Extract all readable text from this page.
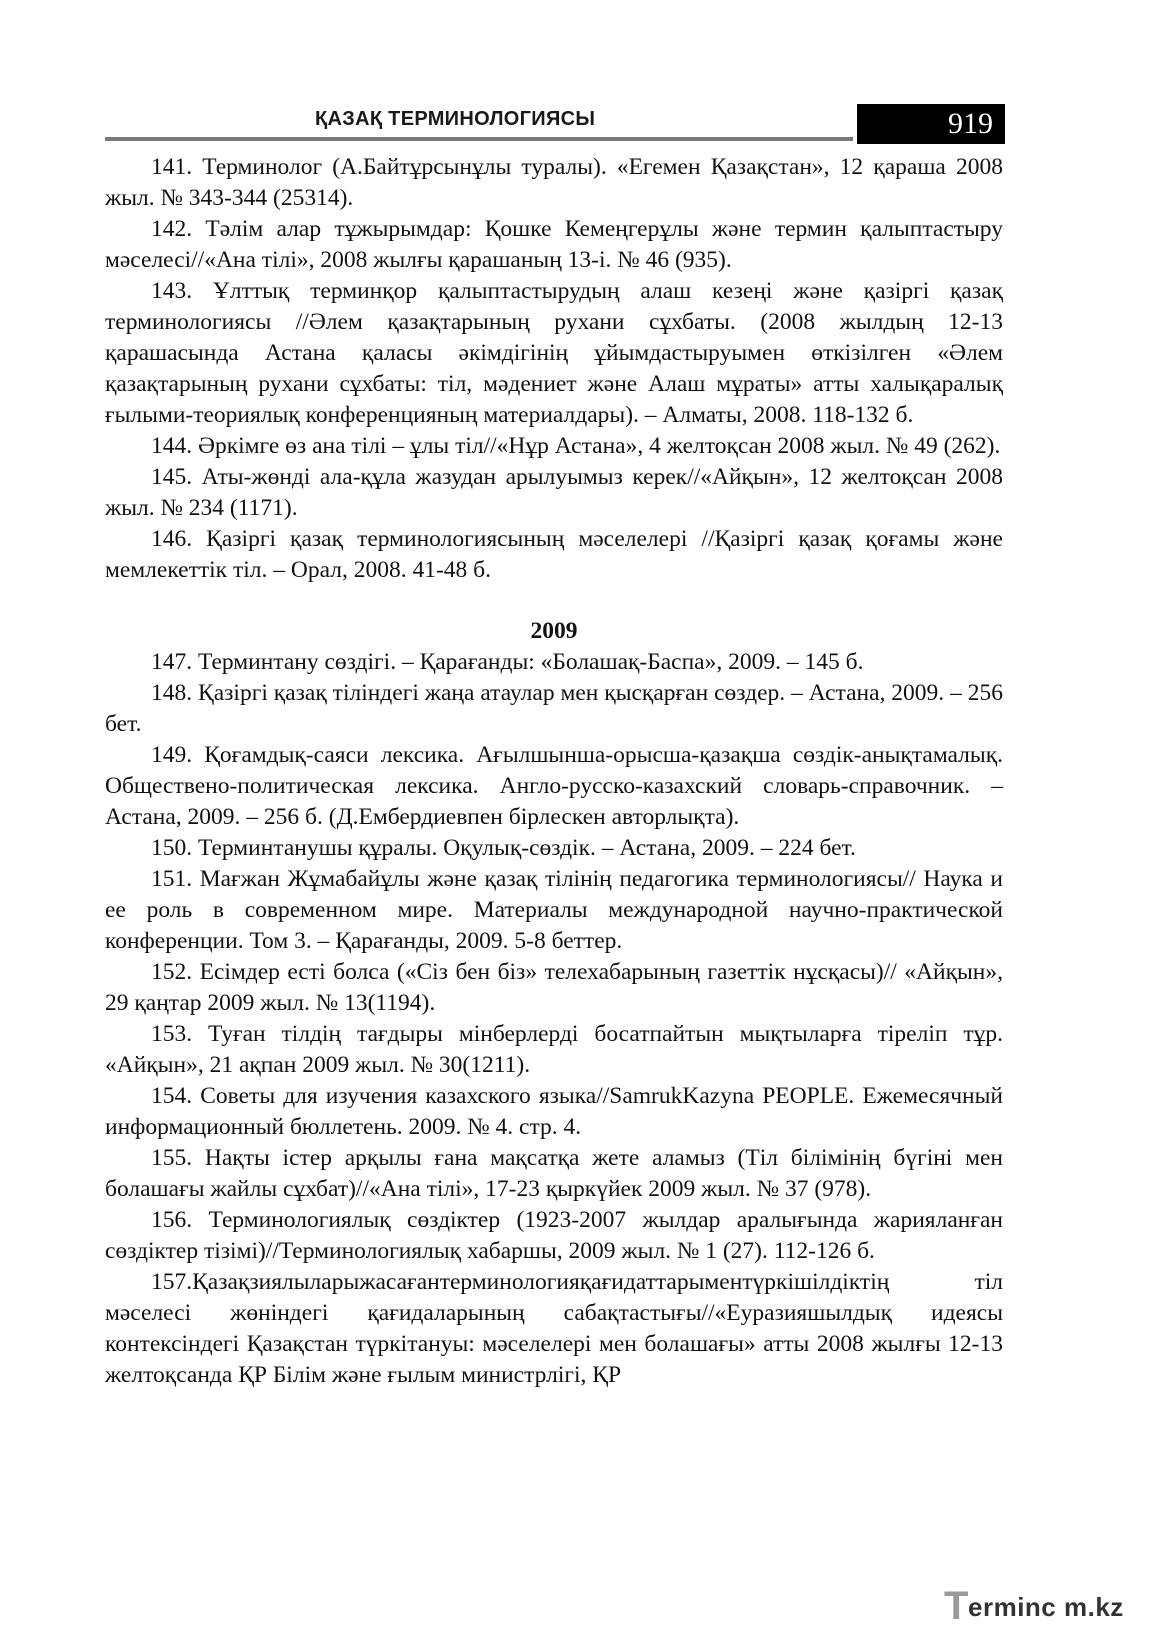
ҚАЗАҚ ТЕРМИНОЛОГИЯСЫ	919

141. Терминолог (А.Байтұрсынұлы туралы). «Егемен Қазақстан», 12 қараша 2008 жыл. № 343-344 (25314).

142. Тәлім алар тұжырымдар: Қошке Кемеңгерұлы және термин қалыптастыру мәселесі//«Ана тілі», 2008 жылғы қарашаның 13-і. № 46 (935).

143. Ұлттық терминқор қалыптастырудың алаш кезеңі және қазіргі қазақ терминологиясы //Әлем қазақтарының рухани сұхбаты. (2008 жылдың 12-13 қарашасында Астана қаласы әкімдігінің ұйымдастыруымен өткізілген «Әлем қазақтарының рухани сұхбаты: тіл, мәдениет және Алаш мұраты» атты халықаралық ғылыми-теориялық конференцияның материалдары). – Алматы, 2008. 118-132 б.

144. Әркімге өз ана тілі – ұлы тіл//«Нұр Астана», 4 желтоқсан 2008 жыл. № 49 (262).

145. Аты-жөнді ала-құла жазудан арылуымыз керек//«Айқын», 12 желтоқсан 2008 жыл. № 234 (1171).

146. Қазіргі қазақ терминологиясының мәселелері //Қазіргі қазақ қоғамы және мемлекеттік тіл. – Орал, 2008. 41-48 б.

2009

147. Терминтану сөздігі. – Қарағанды: «Болашақ-Баспа», 2009. – 145 б.

148. Қазіргі қазақ тіліндегі жаңа атаулар мен қысқарған сөздер. – Астана, 2009. – 256 бет.

149. Қоғамдық-саяси лексика. Ағылшынша-орысша-қазақша сөздік-анықтамалық. Общественo-политическая лексика. Англо-русско-казахский словарь-справочник. – Астана, 2009. – 256 б. (Д.Ембердиевпен бірлескен авторлықта).

150. Терминтанушы құралы. Оқулық-сөздік. – Астана, 2009. – 224 бет.

151. Мағжан Жұмабайұлы және қазақ тілінің педагогика терминологиясы// Наука и ее роль в современном мире. Материалы международной научно-практической конференции. Том 3. – Қарағанды, 2009. 5-8 беттер.

152. Есімдер есті болса («Сіз бен біз» телехабарының газеттік нұсқасы)// «Айқын», 29 қаңтар 2009 жыл. № 13(1194).

153. Туған тілдің тағдыры мінберлерді босатпайтын мықтыларға тіреліп тұр. «Айқын», 21 ақпан 2009 жыл. № 30(1211).

154. Советы для изучения казахского языка//SamrukKazyna PEOPLE. Ежемесячный информационный бюллетень. 2009. № 4. стр. 4.

155. Нақты істер арқылы ғана мақсатқа жете аламыз (Тіл білімінің бүгіні мен болашағы жайлы сұхбат)//«Ана тілі», 17-23 қыркүйек 2009 жыл. № 37 (978).

156. Терминологиялық сөздіктер (1923-2007 жылдар аралығында жарияланған сөздіктер тізімі)//Терминологиялық хабаршы, 2009 жыл. № 1 (27). 112-126 б.

157.Қазақзиялыларыжасағантерминологияқағидаттарыментүркішілдіктің тіл мәселесі жөніндегі қағидаларының сабақтастығы//«Еуразияшылдық идеясы контексіндегі Қазақстан түркітануы: мәселелері мен болашағы» атты 2008 жылғы 12-13 желтоқсанда ҚР Білім және ғылым министрлігі, ҚР

T erminc m.kz
